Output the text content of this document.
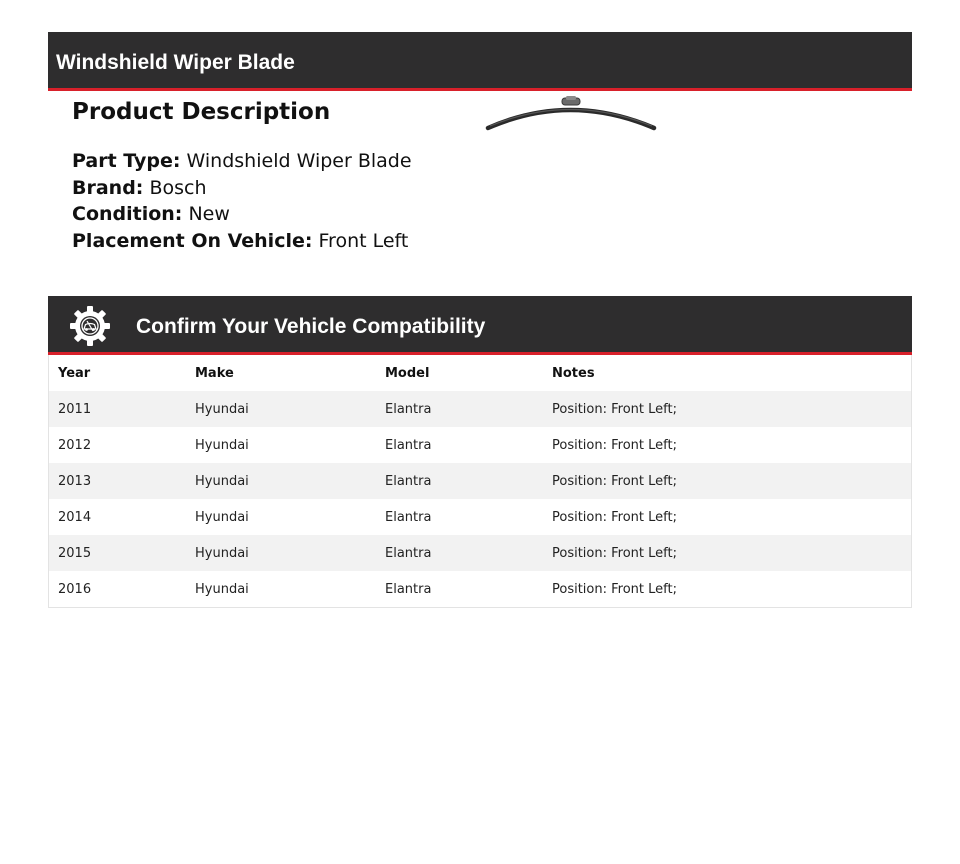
Windshield Wiper Blade
Product Description
Part Type: Windshield Wiper Blade
Brand: Bosch
Condition: New
Placement On Vehicle: Front Left
Confirm Your Vehicle Compatibility
Year	Make	Model	Notes
2011	Hyundai	Elantra	Position: Front Left;
2012	Hyundai	Elantra	Position: Front Left;
2013	Hyundai	Elantra	Position: Front Left;
2014	Hyundai	Elantra	Position: Front Left;
2015	Hyundai	Elantra	Position: Front Left;
2016	Hyundai	Elantra	Position: Front Left;
